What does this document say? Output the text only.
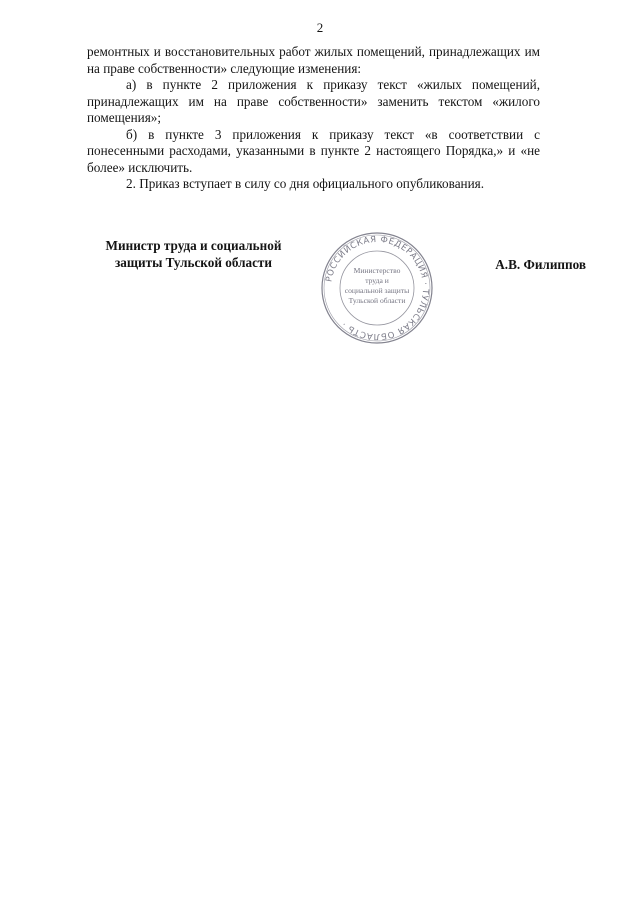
2

ремонтных и восстановительных работ жилых помещений, принадлежащих им на праве собственности» следующие изменения:

а) в пункте 2 приложения к приказу текст «жилых помещений, принадлежащих им на праве собственности» заменить текстом «жилого помещения»;

б) в пункте 3 приложения к приказу текст «в соответствии с понесенными расходами, указанными в пункте 2 настоящего Порядка,» и «не более» исключить.

2. Приказ вступает в силу со дня официального опубликования.

Министр труда и социальной
защиты Тульской области
РОССИЙСКАЯ ФЕДЕРАЦИЯ · ТУЛЬСКАЯ ОБЛАСТЬ ·
Министерство
труда и
социальной защиты
Тульской области
А.В. Филиппов
